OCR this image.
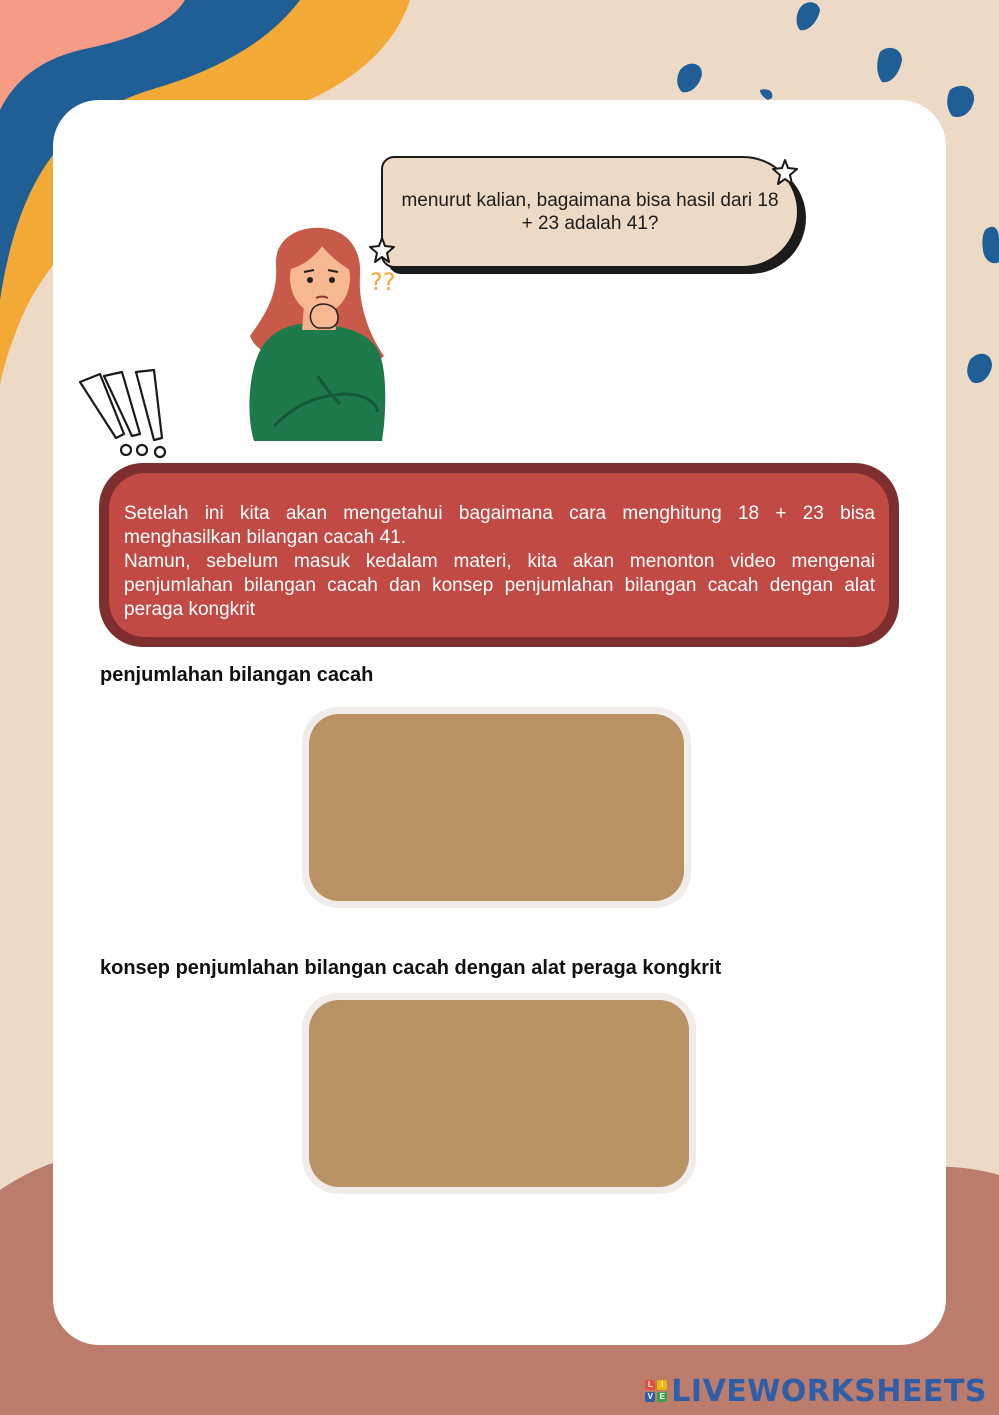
menurut kalian, bagaimana bisa hasil dari 18 + 23 adalah 41?
??

Setelah ini kita akan mengetahui bagaimana cara menghitung 18 + 23 bisa menghasilkan bilangan cacah 41.

Namun, sebelum masuk kedalam materi, kita akan menonton video mengenai penjumlahan bilangan cacah dan konsep penjumlahan bilangan cacah dengan alat peraga kongkrit

penjumlahan bilangan cacah
konsep penjumlahan bilangan cacah dengan alat peraga kongkrit
L	I
V E LIVEWORKSHEETS
